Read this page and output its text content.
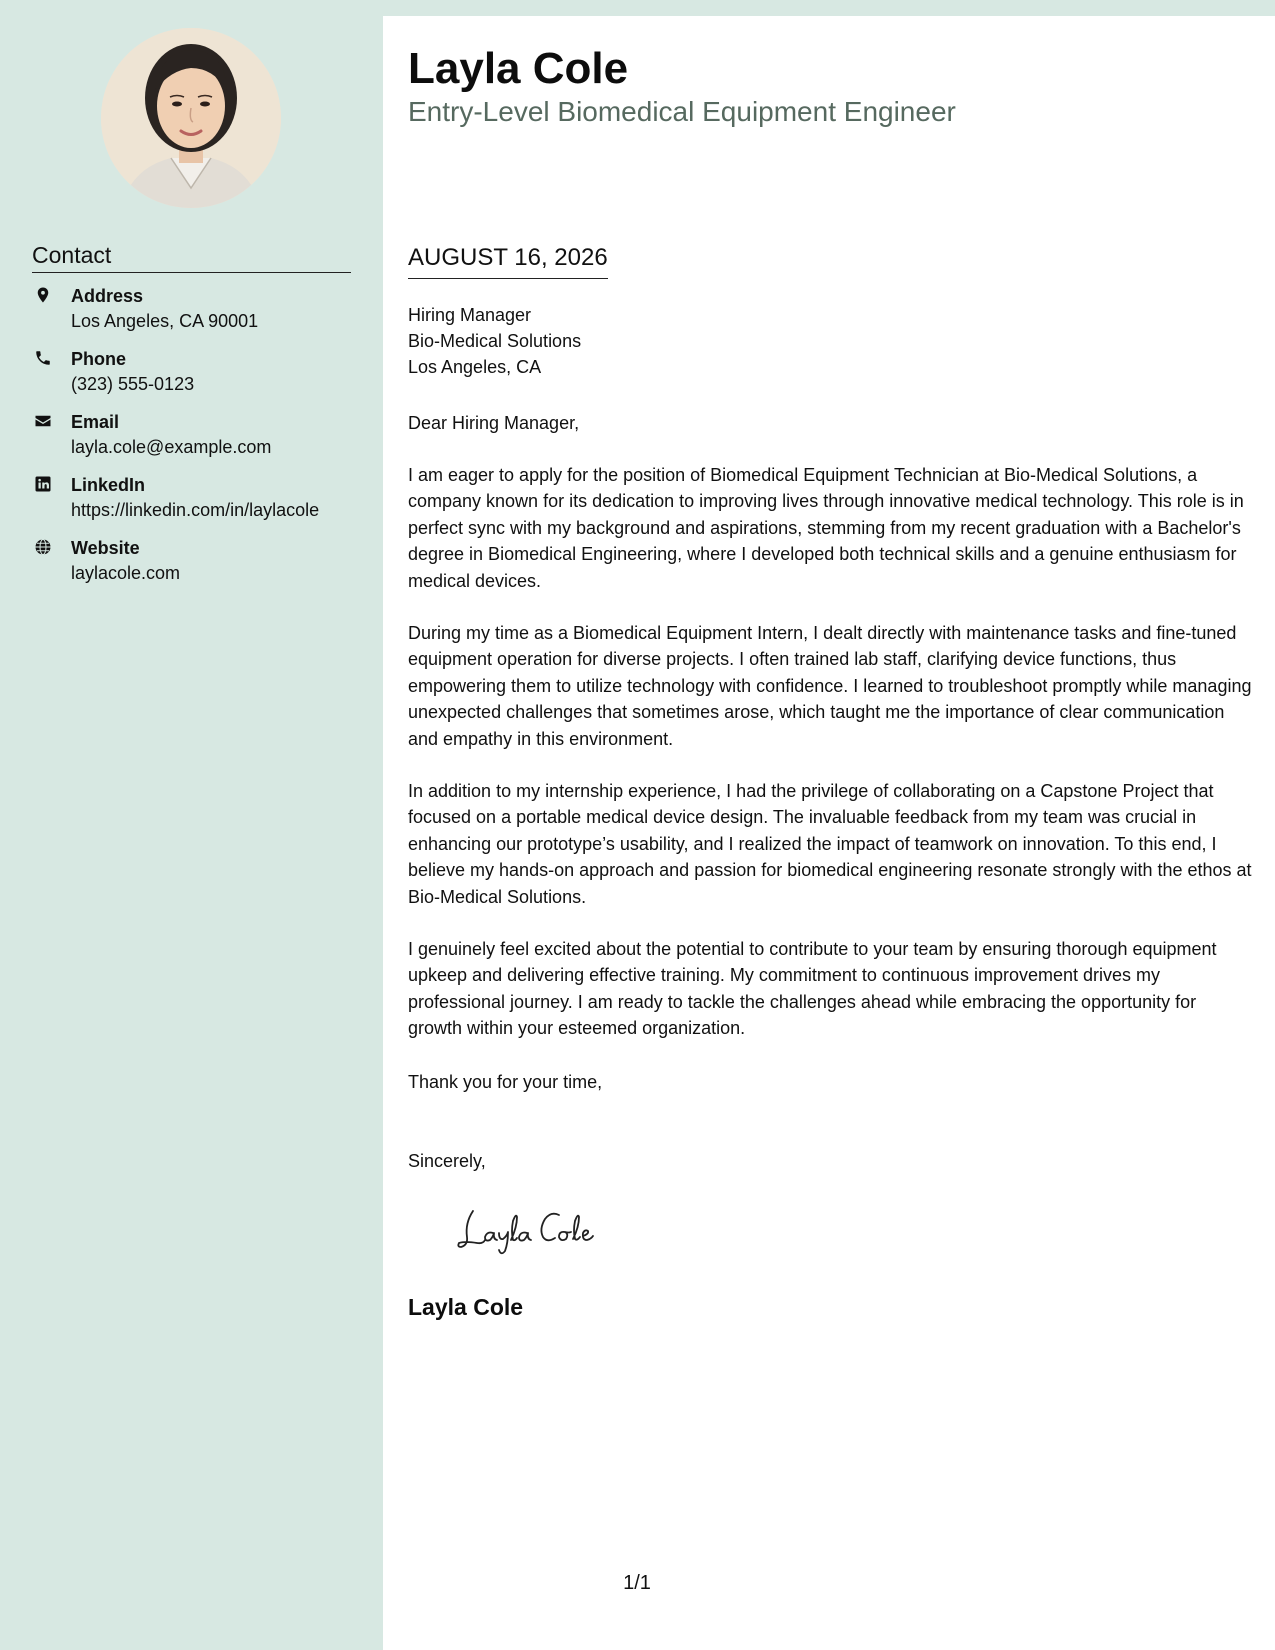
Contact
Address
Los Angeles, CA 90001
Phone
(323) 555-0123
Email
layla.cole@example.com
LinkedIn
https://linkedin.com/in/laylacole
Website
laylacole.com
Layla Cole
Entry-Level Biomedical Equipment Engineer
AUGUST 16, 2026
Hiring Manager
Bio-Medical Solutions
Los Angeles, CA
Dear Hiring Manager,
I am eager to apply for the position of Biomedical Equipment Technician at Bio-Medical Solutions, a company known for its dedication to improving lives through innovative medical technology. This role is in perfect sync with my background and aspirations, stemming from my recent graduation with a Bachelor's degree in Biomedical Engineering, where I developed both technical skills and a genuine enthusiasm for medical devices.
During my time as a Biomedical Equipment Intern, I dealt directly with maintenance tasks and fine-tuned equipment operation for diverse projects. I often trained lab staff, clarifying device functions, thus empowering them to utilize technology with confidence. I learned to troubleshoot promptly while managing unexpected challenges that sometimes arose, which taught me the importance of clear communication and empathy in this environment.
In addition to my internship experience, I had the privilege of collaborating on a Capstone Project that focused on a portable medical device design. The invaluable feedback from my team was crucial in enhancing our prototype’s usability, and I realized the impact of teamwork on innovation. To this end, I believe my hands-on approach and passion for biomedical engineering resonate strongly with the ethos at Bio-Medical Solutions.
I genuinely feel excited about the potential to contribute to your team by ensuring thorough equipment upkeep and delivering effective training. My commitment to continuous improvement drives my professional journey. I am ready to tackle the challenges ahead while embracing the opportunity for growth within your esteemed organization.
Thank you for your time,
Sincerely,
Layla Cole
1/1
